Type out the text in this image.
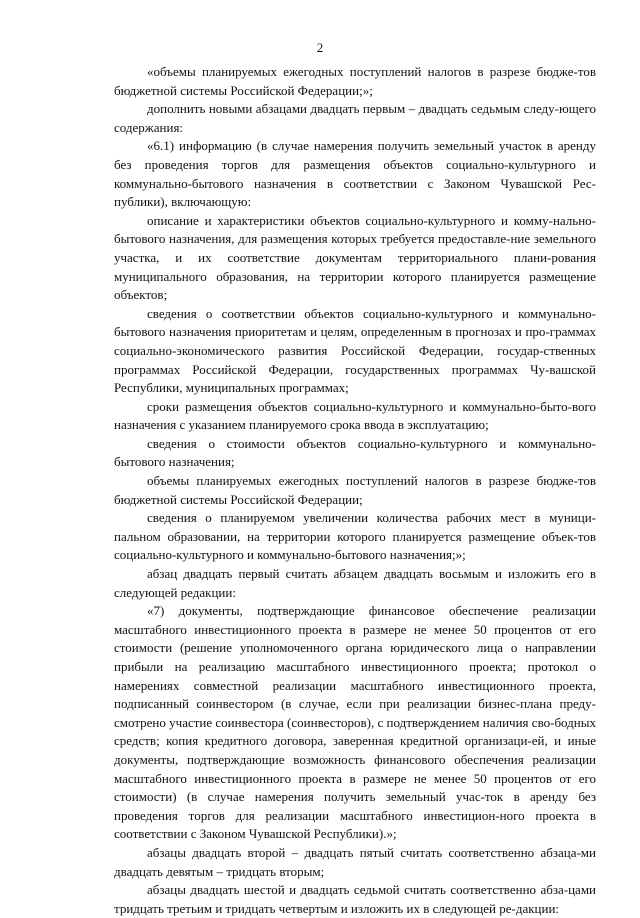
2

«объемы планируемых ежегодных поступлений налогов в разрезе бюдже-тов бюджетной системы Российской Федерации;»;

дополнить новыми абзацами двадцать первым – двадцать седьмым следу-ющего содержания:

«6.1) информацию (в случае намерения получить земельный участок в аренду без проведения торгов для размещения объектов социально-культурного и коммунально-бытового назначения в соответствии с Законом Чувашской Рес-публики), включающую:

описание и характеристики объектов социально-культурного и комму-нально-бытового назначения, для размещения которых требуется предоставле-ние земельного участка, и их соответствие документам территориального плани-рования муниципального образования, на территории которого планируется размещение объектов;

сведения о соответствии объектов социально-культурного и коммунально-бытового назначения приоритетам и целям, определенным в прогнозах и про-граммах социально-экономического развития Российской Федерации, государ-ственных программах Российской Федерации, государственных программах Чу-вашской Республики, муниципальных программах;

сроки размещения объектов социально-культурного и коммунально-быто-вого назначения с указанием планируемого срока ввода в эксплуатацию;

сведения о стоимости объектов социально-культурного и коммунально-бытового назначения;

объемы планируемых ежегодных поступлений налогов в разрезе бюдже-тов бюджетной системы Российской Федерации;

сведения о планируемом увеличении количества рабочих мест в муници-пальном образовании, на территории которого планируется размещение объек-тов социально-культурного и коммунально-бытового назначения;»;

абзац двадцать первый считать абзацем двадцать восьмым и изложить его в следующей редакции:

«7) документы, подтверждающие финансовое обеспечение реализации масштабного инвестиционного проекта в размере не менее 50 процентов от его стоимости (решение уполномоченного органа юридического лица о направлении прибыли на реализацию масштабного инвестиционного проекта; протокол о намерениях совместной реализации масштабного инвестиционного проекта, подписанный соинвестором (в случае, если при реализации бизнес-плана преду-смотрено участие соинвестора (соинвесторов), с подтверждением наличия сво-бодных средств; копия кредитного договора, заверенная кредитной организаци-ей, и иные документы, подтверждающие возможность финансового обеспечения реализации масштабного инвестиционного проекта в размере не менее 50 процентов от его стоимости) (в случае намерения получить земельный учас-ток в аренду без проведения торгов для реализации масштабного инвестицион-ного проекта в соответствии с Законом Чувашской Республики).»;

абзацы двадцать второй – двадцать пятый считать соответственно абзаца-ми двадцать девятым – тридцать вторым;

абзацы двадцать шестой и двадцать седьмой считать соответственно абза-цами тридцать третьим и тридцать четвертым и изложить их в следующей ре-дакции:
